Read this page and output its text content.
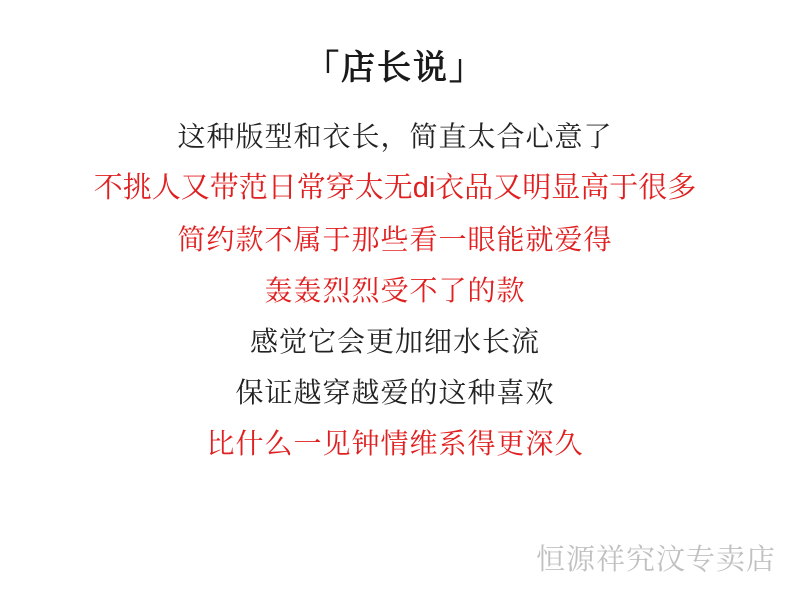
「店长说」
这种版型和衣长，简直太合心意了
不挑人又带范日常穿太无di衣品又明显高于很多
简约款不属于那些看一眼能就爱得
轰轰烈烈受不了的款
感觉它会更加细水长流
保证越穿越爱的这种喜欢
比什么一见钟情维系得更深久
恒源祥究汶专卖店
